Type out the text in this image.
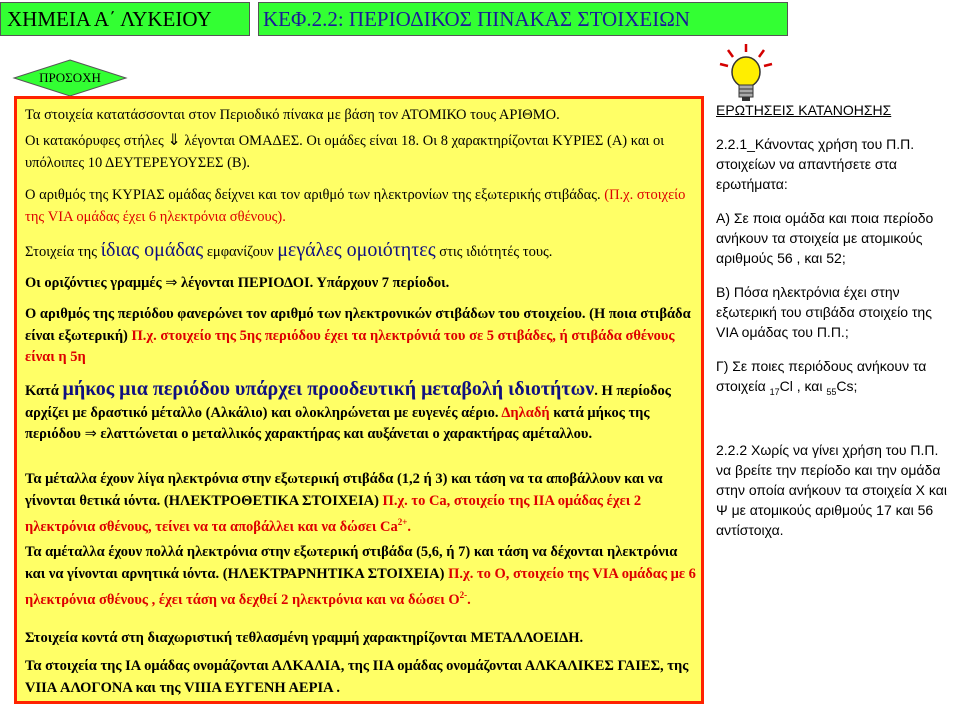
ΧΗΜΕΙΑ Α΄ ΛΥΚΕΙΟΥ	ΚΕΦ.2.2: ΠΕΡΙΟΔΙΚΟΣ ΠΙΝΑΚΑΣ ΣΤΟΙΧΕΙΩΝ
ΠΡΟΣΟΧΗ
Τα στοιχεία κατατάσσονται στον Περιοδικό πίνακα με βάση τον ΑΤΟΜΙΚΟ τους ΑΡΙΘΜΟ.
Οι κατακόρυφες στήλες ⇓ λέγονται ΟΜΑΔΕΣ. Οι ομάδες είναι 18. Οι 8 χαρακτηρίζονται ΚΥΡΙΕΣ (Α) και οι υπόλοιπες 10 ΔΕΥΤΕΡΕΥΟΥΣΕΣ (Β).
Ο αριθμός της ΚΥΡΙΑΣ ομάδας δείχνει και τον αριθμό των ηλεκτρονίων της εξωτερικής στιβάδας. (Π.χ. στοιχείο της VIA ομάδας έχει 6 ηλεκτρόνια σθένους).
Στοιχεία της ίδιας ομάδας εμφανίζουν μεγάλες ομοιότητες στις ιδιότητές τους.
Οι οριζόντιες γραμμές ⇒ λέγονται ΠΕΡΙΟΔΟΙ. Υπάρχουν 7 περίοδοι.
Ο αριθμός της περιόδου φανερώνει τον αριθμό των ηλεκτρονικών στιβάδων του στοιχείου. (Η ποια στιβάδα είναι εξωτερική) Π.χ. στοιχείο της 5ης περιόδου έχει τα ηλεκτρόνιά του σε 5 στιβάδες, ή στιβάδα σθένους είναι η 5η
Κατά μήκος μια περιόδου υπάρχει προοδευτική μεταβολή ιδιοτήτων. Η περίοδος αρχίζει με δραστικό μέταλλο (Αλκάλιο) και ολοκληρώνεται με ευγενές αέριο. Δηλαδή κατά μήκος της περιόδου ⇒ ελαττώνεται ο μεταλλικός χαρακτήρας και αυξάνεται ο χαρακτήρας αμέταλλου.
Τα μέταλλα έχουν λίγα ηλεκτρόνια στην εξωτερική στιβάδα (1,2 ή 3) και τάση να τα αποβάλλουν και να γίνονται θετικά ιόντα. (ΗΛΕΚΤΡΟΘΕΤΙΚΑ ΣΤΟΙΧΕΙΑ) Π.χ. το Ca, στοιχείο της ΙΙΑ ομάδας έχει 2 ηλεκτρόνια σθένους, τείνει να τα αποβάλλει και να δώσει $Ca^{2+}$.
Τα αμέταλλα έχουν πολλά ηλεκτρόνια στην εξωτερική στιβάδα (5,6, ή 7) και τάση να δέχονται ηλεκτρόνια και να γίνονται αρνητικά ιόντα. (ΗΛΕΚΤΡΑΡΝΗΤΙΚΑ ΣΤΟΙΧΕΙΑ) Π.χ. το Ο, στοιχείο της VIA ομάδας με 6 ηλεκτρόνια σθένους , έχει τάση να δεχθεί 2 ηλεκτρόνια και να δώσει $O^{2-}$.
Στοιχεία κοντά στη διαχωριστική τεθλασμένη γραμμή χαρακτηρίζονται ΜΕΤΑΛΛΟΕΙΔΗ.
Τα στοιχεία της ΙΑ ομάδας ονομάζονται ΑΛΚΑΛΙΑ, της ΙΙΑ ομάδας ονομάζονται ΑΛΚΑΛΙΚΕΣ ΓΑΙΕΣ, της VIIA ΑΛΟΓΟΝΑ και της VIIIA ΕΥΓΕΝΗ ΑΕΡΙΑ .
ΕΡΩΤΗΣΕΙΣ ΚΑΤΑΝΟΗΣΗΣ
2.2.1_Κάνοντας χρήση του Π.Π. στοιχείων να απαντήσετε στα ερωτήματα:
Α) Σε ποια ομάδα και ποια περίοδο ανήκουν τα στοιχεία με ατομικούς αριθμούς 56 , και 52;
Β) Πόσα ηλεκτρόνια έχει στην εξωτερική του στιβάδα στοιχείο της VIA ομάδας του Π.Π.;
Γ) Σε ποιες περιόδους ανήκουν τα στοιχεία $_{17}$Cl , και $_{55}$Cs;
2.2.2 Χωρίς να γίνει χρήση του Π.Π. να βρείτε την περίοδο και την ομάδα στην οποία ανήκουν τα στοιχεία Χ και Ψ με ατομικούς αριθμούς 17 και 56 αντίστοιχα.
